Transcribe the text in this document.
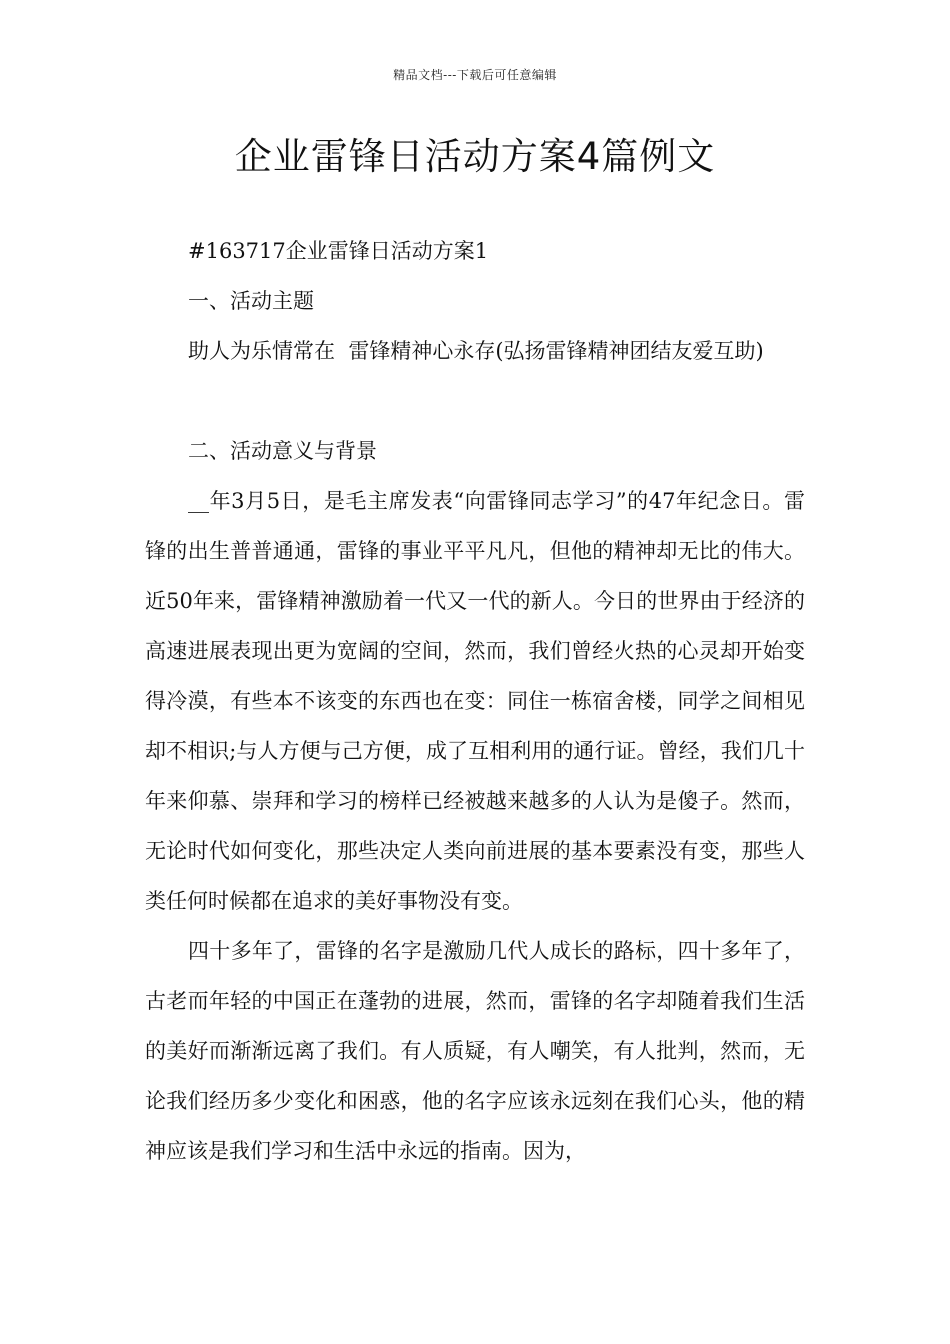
精品文档---下载后可任意编辑
企业雷锋日活动方案4篇例文

#163717企业雷锋日活动方案1

一、活动主题

助人为乐情常在  雷锋精神心永存(弘扬雷锋精神团结友爱互助)

二、活动意义与背景

__年3月5日，是毛主席发表“向雷锋同志学习”的47年纪念日。雷锋的出生普普通通，雷锋的事业平平凡凡，但他的精神却无比的伟大。近50年来，雷锋精神激励着一代又一代的新人。今日的世界由于经济的高速进展表现出更为宽阔的空间，然而，我们曾经火热的心灵却开始变得冷漠，有些本不该变的东西也在变：同住一栋宿舍楼，同学之间相见却不相识;与人方便与己方便，成了互相利用的通行证。曾经，我们几十年来仰慕、崇拜和学习的榜样已经被越来越多的人认为是傻子。然而，无论时代如何变化，那些决定人类向前进展的基本要素没有变，那些人类任何时候都在追求的美好事物没有变。

四十多年了，雷锋的名字是激励几代人成长的路标，四十多年了，古老而年轻的中国正在蓬勃的进展，然而，雷锋的名字却随着我们生活的美好而渐渐远离了我们。有人质疑，有人嘲笑，有人批判，然而，无论我们经历多少变化和困惑，他的名字应该永远刻在我们心头，他的精神应该是我们学习和生活中永远的指南。因为，
